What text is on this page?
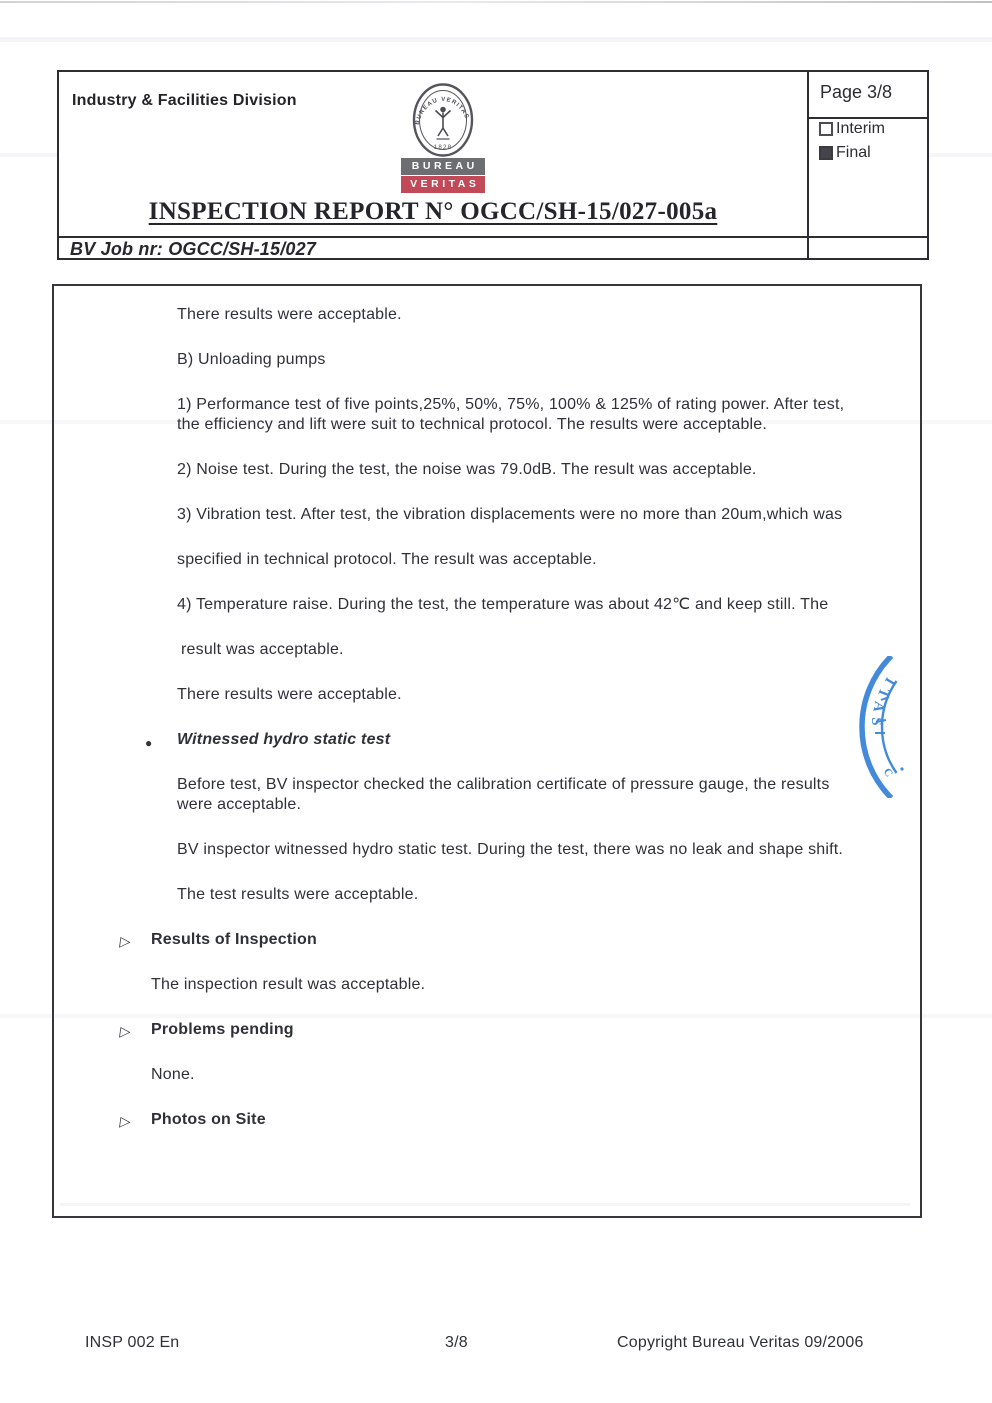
Industry & Facilities Division
BUREAU VERITAS
1828
BUREAU
VERITAS
INSPECTION REPORT N° OGCC/SH-15/027-005a
Page 3/8
Interim
Final
BV Job nr: OGCC/SH-15/027

There results were acceptable.

B) Unloading pumps

1) Performance test of five points,25%, 50%, 75%, 100% & 125% of rating power. After test,

the efficiency and lift were suit to technical protocol. The results were acceptable.

2) Noise test. During the test, the noise was 79.0dB. The result was acceptable.

3) Vibration test. After test, the vibration displacements were no more than 20um,which was

specified in technical protocol. The result was acceptable.

4) Temperature raise. During the test, the temperature was about 42℃ and keep still. The

result was acceptable.

There results were acceptable.

● Witnessed hydro static test

Before test, BV inspector checked the calibration certificate of pressure gauge, the results

were acceptable.

BV inspector witnessed hydro static test. During the test, there was no leak and shape shift.

The test results were acceptable.

▷ Results of Inspection

The inspection result was acceptable.

▷ Problems pending

None.

▷ Photos on Site

ITAS
C
INSP 002 En	3/8	Copyright Bureau Veritas 09/2006
